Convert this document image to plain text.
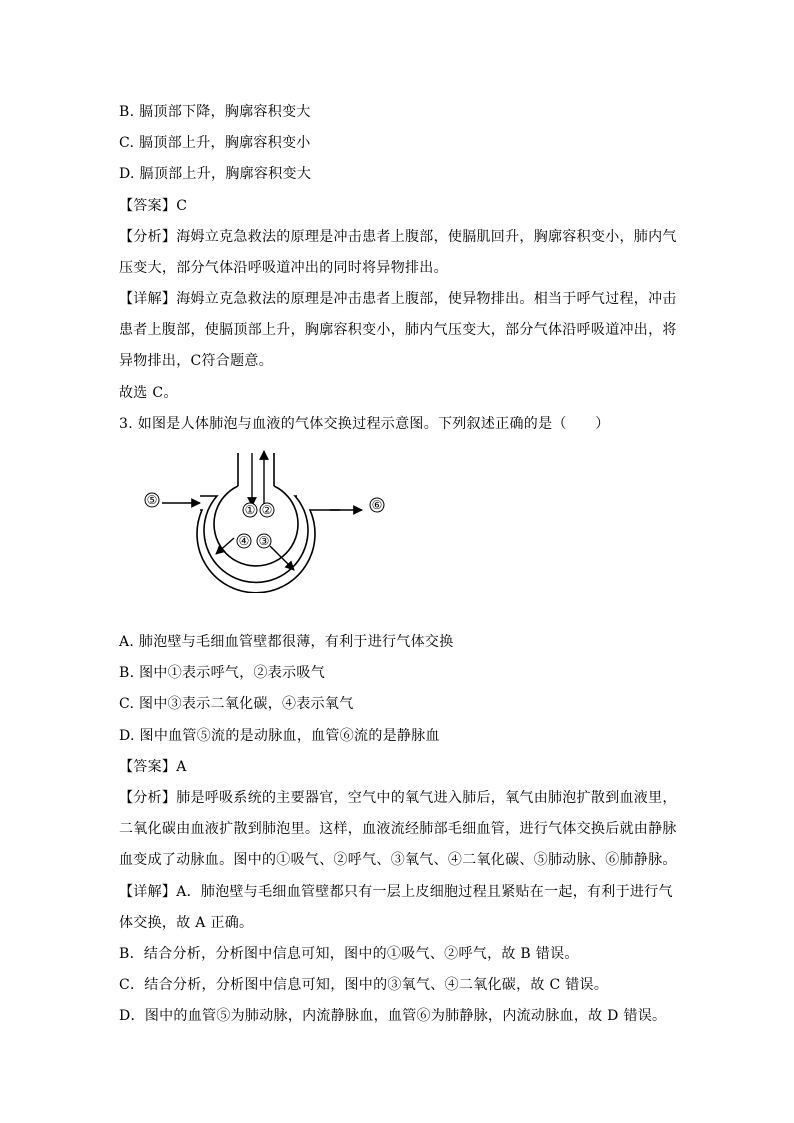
B. 膈顶部下降，胸廓容积变大
C. 膈顶部上升，胸廓容积变小
D. 膈顶部上升，胸廓容积变大
【答案】C
【分析】海姆立克急救法的原理是冲击患者上腹部，使膈肌回升，胸廓容积变小，肺内气
压变大，部分气体沿呼吸道冲出的同时将异物排出。
【详解】海姆立克急救法的原理是冲击患者上腹部，使异物排出。相当于呼气过程，冲击
患者上腹部，使膈顶部上升，胸廓容积变小，肺内气压变大，部分气体沿呼吸道冲出，将
异物排出，C符合题意。
故选 C。
3. 如图是人体肺泡与血液的气体交换过程示意图。下列叙述正确的是（　　）
① ②
④ ③
⑤	⑥
A. 肺泡壁与毛细血管壁都很薄，有利于进行气体交换
B. 图中①表示呼气，②表示吸气
C. 图中③表示二氧化碳，④表示氧气
D. 图中血管⑤流的是动脉血，血管⑥流的是静脉血
【答案】A
【分析】肺是呼吸系统的主要器官，空气中的氧气进入肺后，氧气由肺泡扩散到血液里，
二氧化碳由血液扩散到肺泡里。这样，血液流经肺部毛细血管，进行气体交换后就由静脉
血变成了动脉血。图中的①吸气、②呼气、③氧气、④二氧化碳、⑤肺动脉、⑥肺静脉。
【详解】A．肺泡壁与毛细血管壁都只有一层上皮细胞过程且紧贴在一起，有利于进行气
体交换，故 A 正确。
B．结合分析，分析图中信息可知，图中的①吸气、②呼气，故 B 错误。
C．结合分析，分析图中信息可知，图中的③氧气、④二氧化碳，故 C 错误。
D．图中的血管⑤为肺动脉，内流静脉血，血管⑥为肺静脉，内流动脉血，故 D 错误。
